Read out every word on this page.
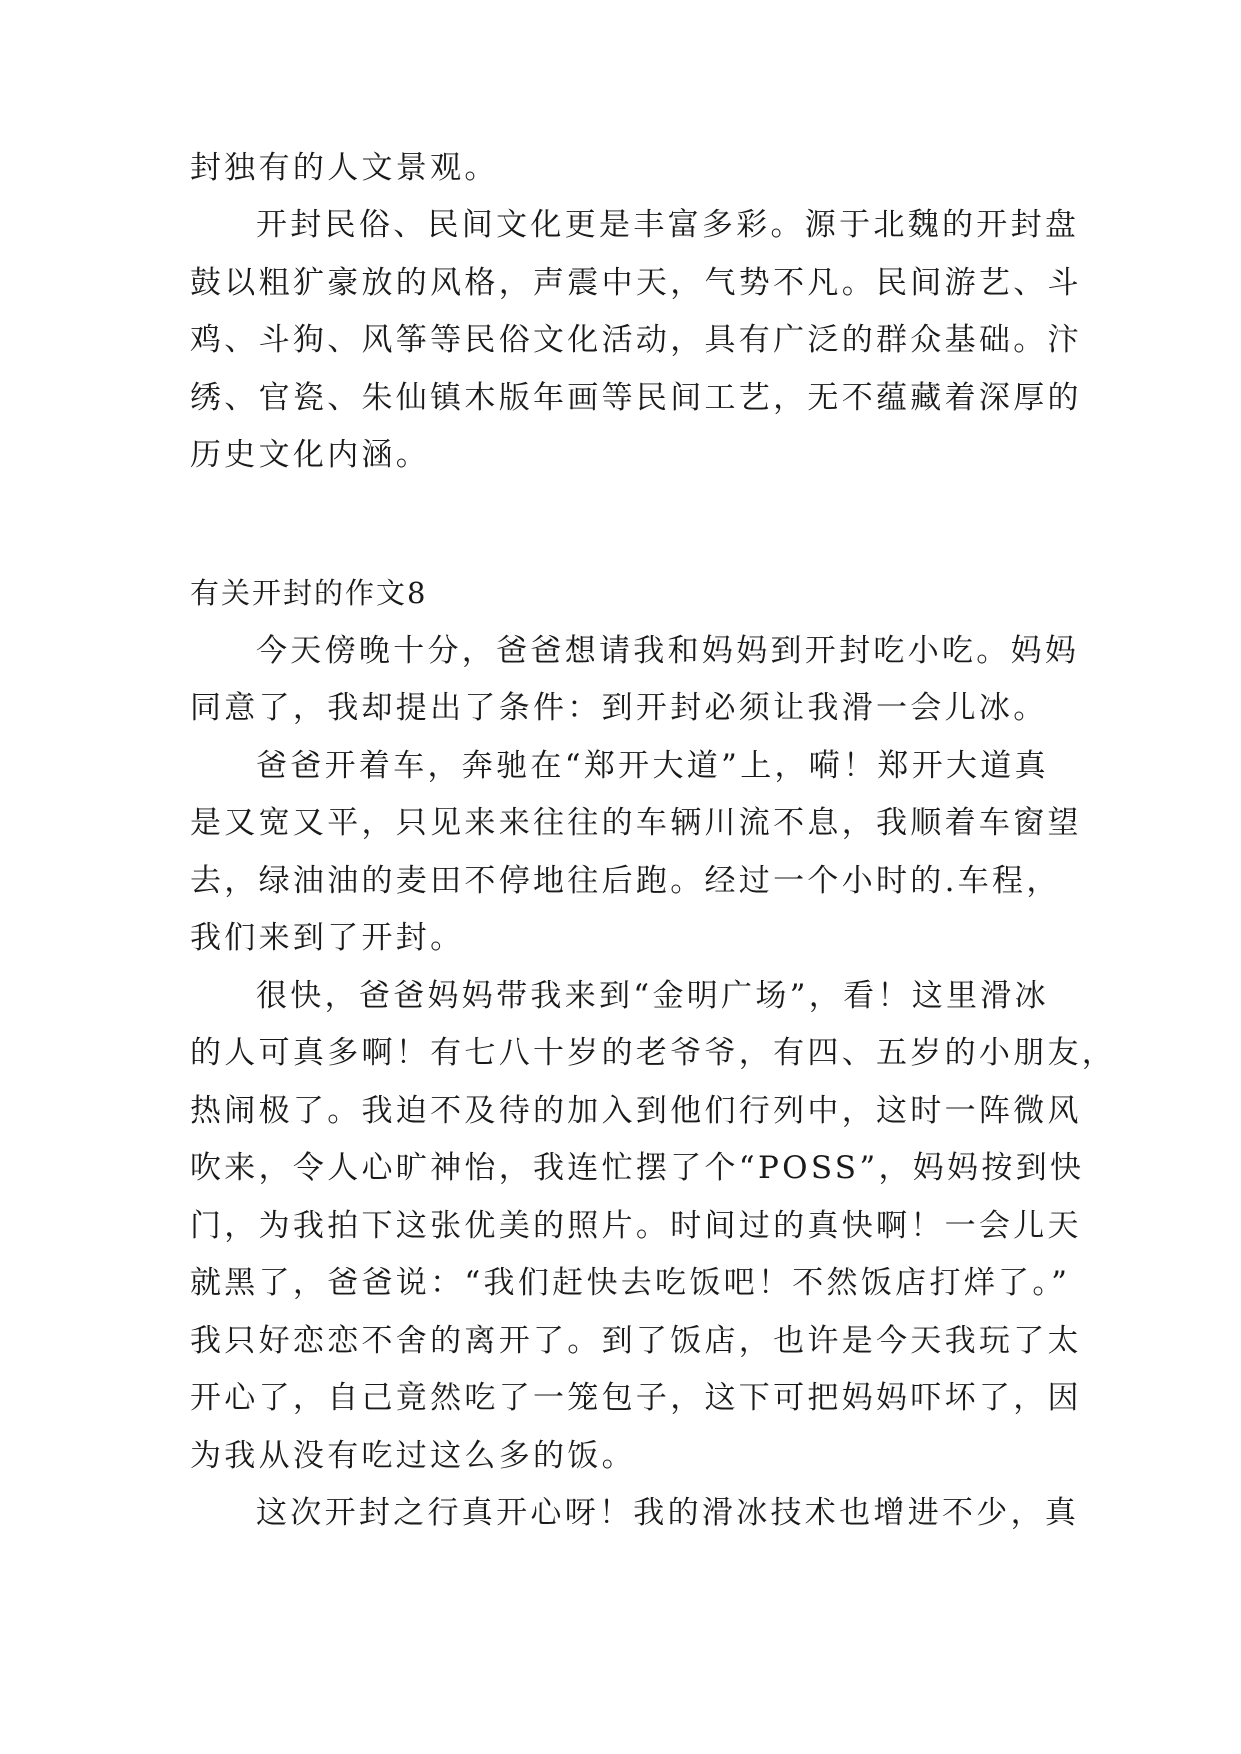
封独有的人文景观。
开封民俗、民间文化更是丰富多彩。源于北魏的开封盘
鼓以粗犷豪放的风格，声震中天，气势不凡。民间游艺、斗
鸡、斗狗、风筝等民俗文化活动，具有广泛的群众基础。汴
绣、官瓷、朱仙镇木版年画等民间工艺，无不蕴藏着深厚的
历史文化内涵。
有关开封的作文8
今天傍晚十分，爸爸想请我和妈妈到开封吃小吃。妈妈
同意了，我却提出了条件：到开封必须让我滑一会儿冰。
爸爸开着车，奔驰在“郑开大道”上，嗬！郑开大道真
是又宽又平，只见来来往往的车辆川流不息，我顺着车窗望
去，绿油油的麦田不停地往后跑。经过一个小时的.车程，
我们来到了开封。
很快，爸爸妈妈带我来到“金明广场”，看！这里滑冰
的人可真多啊！有七八十岁的老爷爷，有四、五岁的小朋友，
热闹极了。我迫不及待的加入到他们行列中，这时一阵微风
吹来，令人心旷神怡，我连忙摆了个“POSS”，妈妈按到快
门，为我拍下这张优美的照片。时间过的真快啊！一会儿天
就黑了，爸爸说：“我们赶快去吃饭吧！不然饭店打烊了。”
我只好恋恋不舍的离开了。到了饭店，也许是今天我玩了太
开心了，自己竟然吃了一笼包子，这下可把妈妈吓坏了，因
为我从没有吃过这么多的饭。
这次开封之行真开心呀！我的滑冰技术也增进不少，真
